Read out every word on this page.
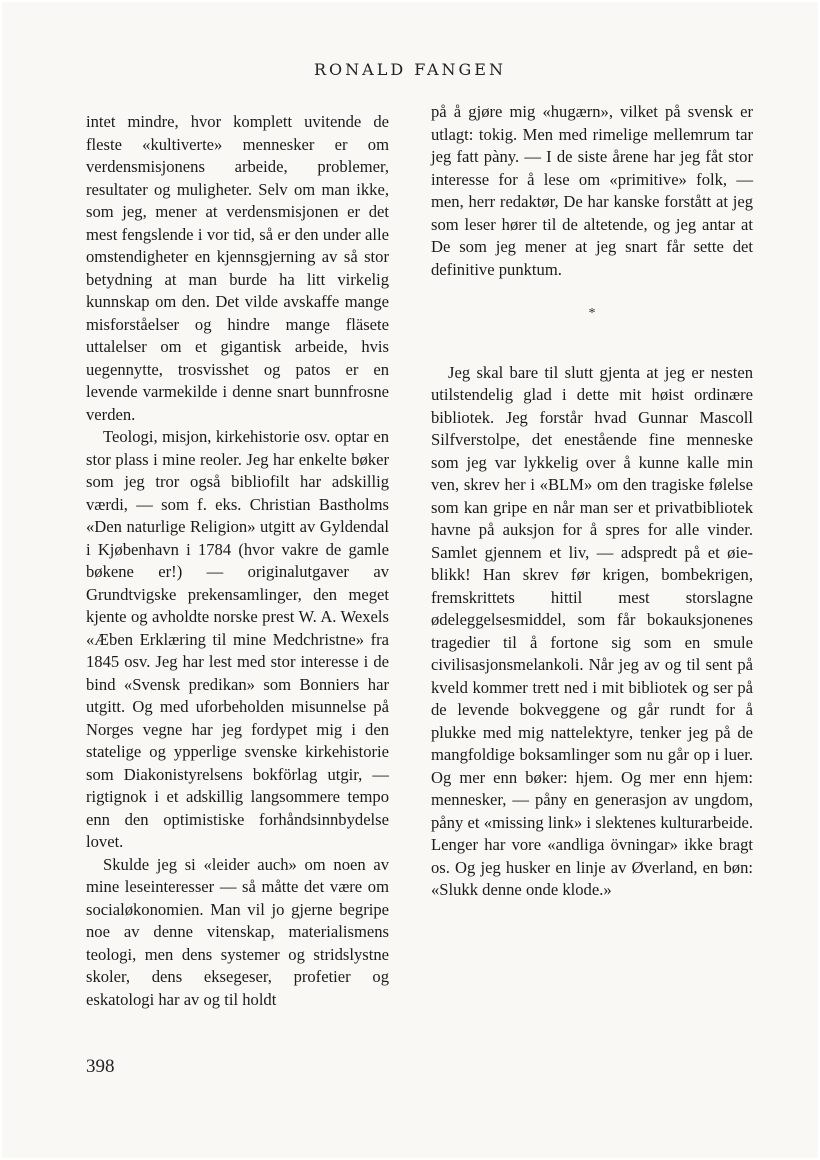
RONALD FANGEN

intet mindre, hvor komplett uvitende de fleste «kultiverte» mennesker er om verdensmisjonens arbeide, problemer, resultater og muligheter. Selv om man ikke, som jeg, mener at verdensmisjonen er det mest fengslende i vor tid, så er den under alle omstendigheter en kjennsgjerning av så stor betydning at man burde ha litt virkelig kunnskap om den. Det vilde avskaffe mange misforståelser og hindre mange fläsete uttalelser om et gigantisk arbeide, hvis uegennytte, trosvisshet og patos er en levende varmekilde i denne snart bunnfrosne verden.

Teologi, misjon, kirkehistorie osv. optar en stor plass i mine reoler. Jeg har enkelte bøker som jeg tror også bibliofilt har adskillig værdi, — som f. eks. Christian Bastholms «Den naturlige Religion» utgitt av Gyldendal i Kjøbenhavn i 1784 (hvor vakre de gamle bøkene er!) — originalutgaver av Grundtvigske prekensamlinger, den meget kjente og avholdte norske prest W. A. Wexels «Æben Erklæring til mine Medchristne» fra 1845 osv. Jeg har lest med stor interesse i de bind «Svensk predikan» som Bonniers har utgitt. Og med uforbeholden misunnelse på Norges vegne har jeg fordypet mig i den statelige og ypperlige svenske kirkehistorie som Diakonistyrelsens bokförlag utgir, — rigtignok i et adskillig langsommere tempo enn den optimistiske forhåndsinnbydelse lovet.

Skulde jeg si «leider auch» om noen av mine leseinteresser — så måtte det være om socialøkonomien. Man vil jo gjerne begripe noe av denne vitenskap, materialismens teologi, men dens systemer og stridslystne skoler, dens eksegeser, profetier og eskatologi har av og til holdt

på å gjøre mig «hugærn», vilket på svensk er utlagt: tokig. Men med rimelige mellemrum tar jeg fatt pàny. — I de siste årene har jeg fåt stor interesse for å lese om «primitive» folk, — men, herr redaktør, De har kanske forstått at jeg som leser hører til de altetende, og jeg antar at De som jeg mener at jeg snart får sette det definitive punktum.

*

Jeg skal bare til slutt gjenta at jeg er nesten utilstendelig glad i dette mit høist ordinære bibliotek. Jeg forstår hvad Gunnar Mascoll Silfverstolpe, det enestående fine menneske som jeg var lykkelig over å kunne kalle min ven, skrev her i «BLM» om den tragiske følelse som kan gripe en når man ser et privatbibliotek havne på auksjon for å spres for alle vinder. Samlet gjennem et liv, — adspredt på et øieblikk! Han skrev før krigen, bombekrigen, fremskrittets hittil mest storslagne ødeleggelsesmiddel, som får bokauksjonenes tragedier til å fortone sig som en smule civilisasjonsmelankoli. Når jeg av og til sent på kveld kommer trett ned i mit bibliotek og ser på de levende bokveggene og går rundt for å plukke med mig nattelektyre, tenker jeg på de mangfoldige boksamlinger som nu går op i luer. Og mer enn bøker: hjem. Og mer enn hjem: mennesker, — påny en generasjon av ungdom, påny et «missing link» i slektenes kulturarbeide. Lenger har vore «andliga övningar» ikke bragt os. Og jeg husker en linje av Øverland, en bøn: «Slukk denne onde klode.»

398
